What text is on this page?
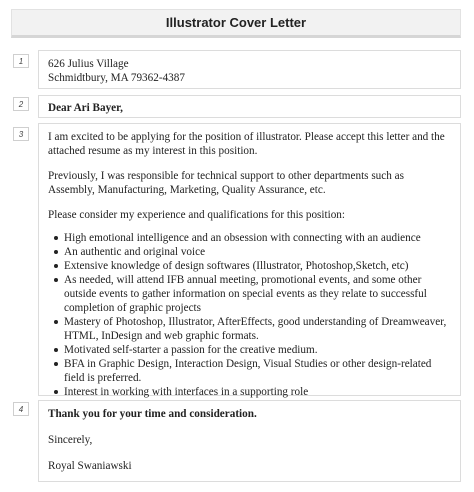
Illustrator Cover Letter
1	626 Julius Village
Schmidtbury, MA 79362-4387
2	Dear Ari Bayer,
3	I am excited to be applying for the position of illustrator. Please accept this letter and the attached resume as my interest in this position.

Previously, I was responsible for technical support to other departments such as Assembly, Manufacturing, Marketing, Quality Assurance, etc.

Please consider my experience and qualifications for this position:

High emotional intelligence and an obsession with connecting with an audience
An authentic and original voice
Extensive knowledge of design softwares (Illustrator, Photoshop,Sketch, etc)
As needed, will attend IFB annual meeting, promotional events, and some other outside events to gather information on special events as they relate to successful completion of graphic projects
Mastery of Photoshop, Illustrator, AfterEffects, good understanding of Dreamweaver, HTML, InDesign and web graphic formats.
Motivated self-starter a passion for the creative medium.
BFA in Graphic Design, Interaction Design, Visual Studies or other design-related field is preferred.
Interest in working with interfaces in a supporting role
4	Thank you for your time and consideration.
Sincerely,
Royal Swaniawski
